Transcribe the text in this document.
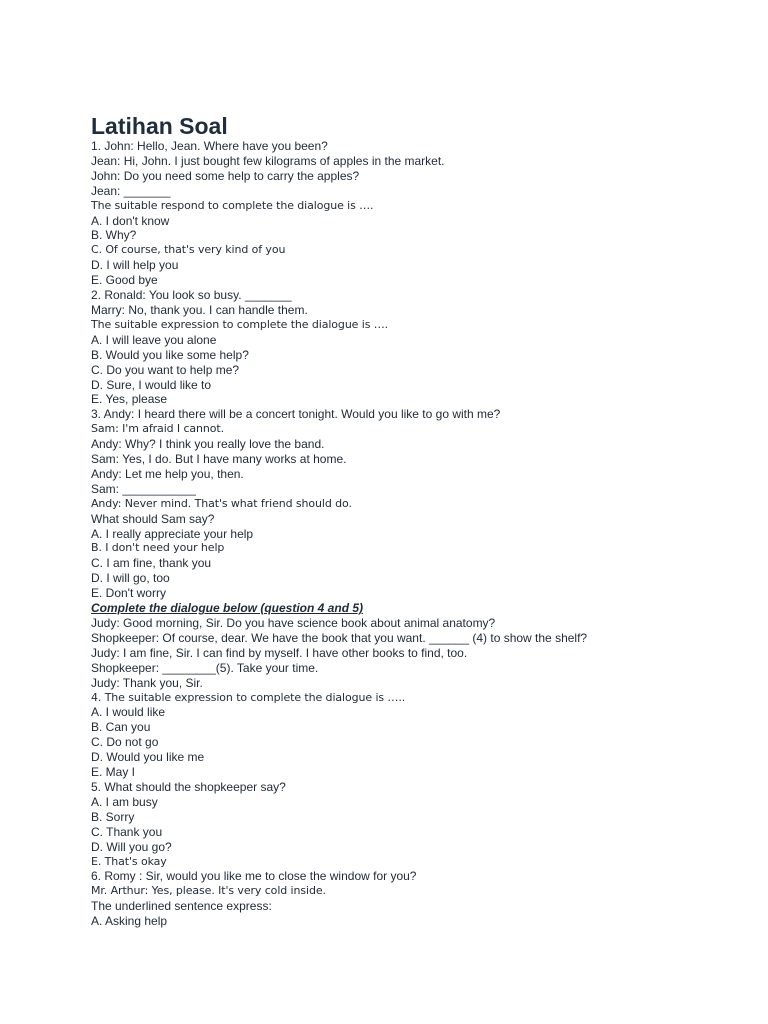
Latihan Soal
1. John: Hello, Jean. Where have you been?
Jean: Hi, John. I just bought few kilograms of apples in the market.
John: Do you need some help to carry the apples?
Jean: _______
The suitable respond to complete the dialogue is ….
A. I don't know
B. Why?
C. Of course, that's very kind of you
D. I will help you
E. Good bye
2. Ronald: You look so busy. _______
Marry: No, thank you. I can handle them.
The suitable expression to complete the dialogue is ….
A. I will leave you alone
B. Would you like some help?
C. Do you want to help me?
D. Sure, I would like to
E. Yes, please
3. Andy: I heard there will be a concert tonight. Would you like to go with me?
Sam: I'm afraid I cannot.
Andy: Why? I think you really love the band.
Sam: Yes, I do. But I have many works at home.
Andy: Let me help you, then.
Sam: ___________
Andy: Never mind. That's what friend should do.
What should Sam say?
A. I really appreciate your help
B. I don't need your help
C. I am fine, thank you
D. I will go, too
E. Don't worry
Complete the dialogue below (question 4 and 5)
Judy: Good morning, Sir. Do you have science book about animal anatomy?
Shopkeeper: Of course, dear. We have the book that you want. ______ (4) to show the shelf?
Judy: I am fine, Sir. I can find by myself. I have other books to find, too.
Shopkeeper: ________(5). Take your time.
Judy: Thank you, Sir.
4. The suitable expression to complete the dialogue is …..
A. I would like
B. Can you
C. Do not go
D. Would you like me
E. May I
5. What should the shopkeeper say?
A. I am busy
B. Sorry
C. Thank you
D. Will you go?
E. That's okay
6. Romy : Sir, would you like me to close the window for you?
Mr. Arthur: Yes, please. It's very cold inside.
The underlined sentence express:
A. Asking help
